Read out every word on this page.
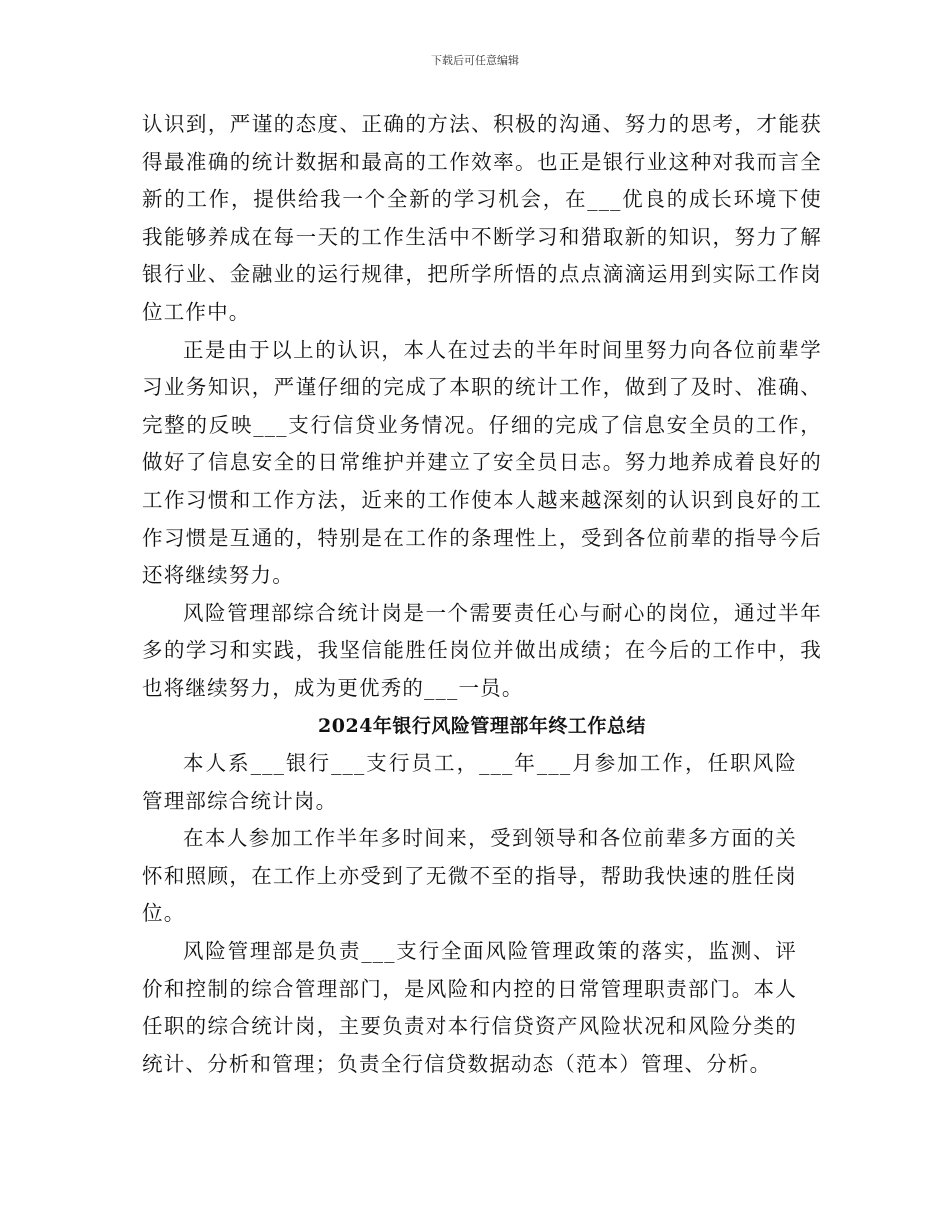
下载后可任意编辑

认识到，严谨的态度、正确的方法、积极的沟通、努力的思考，才能获得最准确的统计数据和最高的工作效率。也正是银行业这种对我而言全新的工作，提供给我一个全新的学习机会，在___优良的成长环境下使我能够养成在每一天的工作生活中不断学习和猎取新的知识，努力了解银行业、金融业的运行规律，把所学所悟的点点滴滴运用到实际工作岗位工作中。

正是由于以上的认识，本人在过去的半年时间里努力向各位前辈学习业务知识，严谨仔细的完成了本职的统计工作，做到了及时、准确、完整的反映___支行信贷业务情况。仔细的完成了信息安全员的工作，做好了信息安全的日常维护并建立了安全员日志。努力地养成着良好的工作习惯和工作方法，近来的工作使本人越来越深刻的认识到良好的工作习惯是互通的，特别是在工作的条理性上，受到各位前辈的指导今后还将继续努力。

风险管理部综合统计岗是一个需要责任心与耐心的岗位，通过半年多的学习和实践，我坚信能胜任岗位并做出成绩；在今后的工作中，我也将继续努力，成为更优秀的___一员。

2024年银行风险管理部年终工作总结

本人系___银行___支行员工，___年___月参加工作，任职风险管理部综合统计岗。

在本人参加工作半年多时间来，受到领导和各位前辈多方面的关怀和照顾，在工作上亦受到了无微不至的指导，帮助我快速的胜任岗位。

风险管理部是负责___支行全面风险管理政策的落实，监测、评价和控制的综合管理部门，是风险和内控的日常管理职责部门。本人任职的综合统计岗，主要负责对本行信贷资产风险状况和风险分类的统计、分析和管理；负责全行信贷数据动态（范本）管理、分析。
